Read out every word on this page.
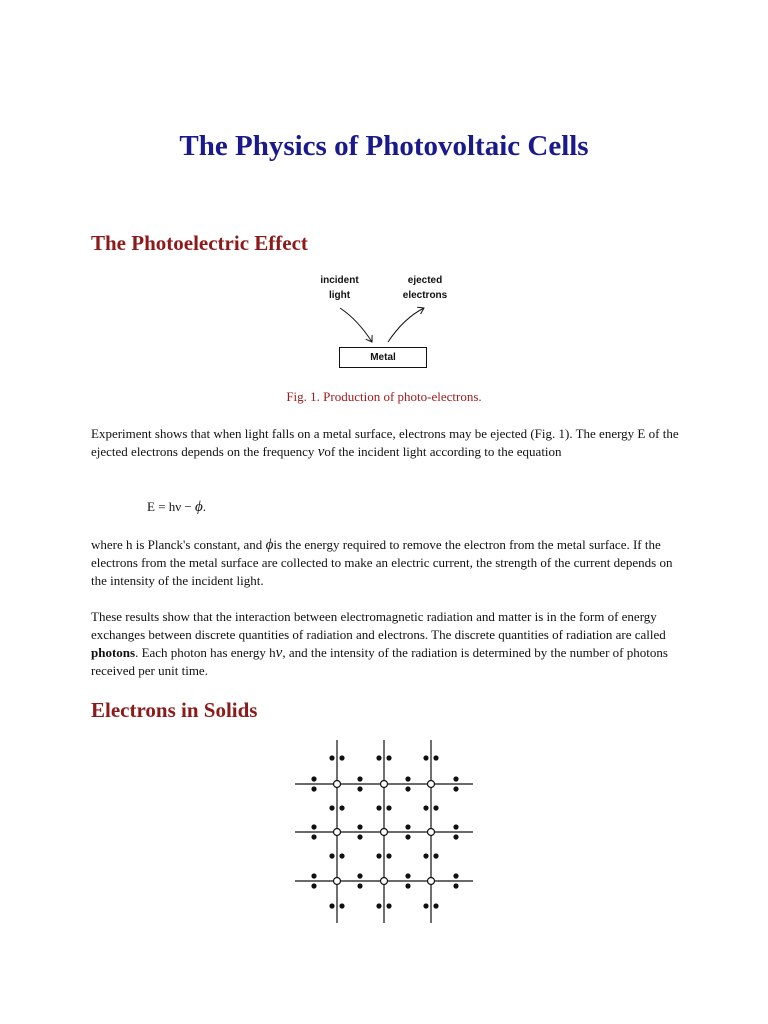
The Physics of Photovoltaic Cells
The Photoelectric Effect
incident
light
ejected
electrons
Metal
Fig. 1. Production of photo-electrons.

Experiment shows that when light falls on a metal surface, electrons may be ejected (Fig. 1). The energy E of the ejected electrons depends on the frequency νof the incident light according to the equation

E = hν − ϕ.

where h is Planck's constant, and ϕis the energy required to remove the electron from the metal surface. If the electrons from the metal surface are collected to make an electric current, the strength of the current depends on the intensity of the incident light.

These results show that the interaction between electromagnetic radiation and matter is in the form of energy exchanges between discrete quantities of radiation and electrons. The discrete quantities of radiation are called photons. Each photon has energy hν, and the intensity of the radiation is determined by the number of photons received per unit time.

Electrons in Solids
